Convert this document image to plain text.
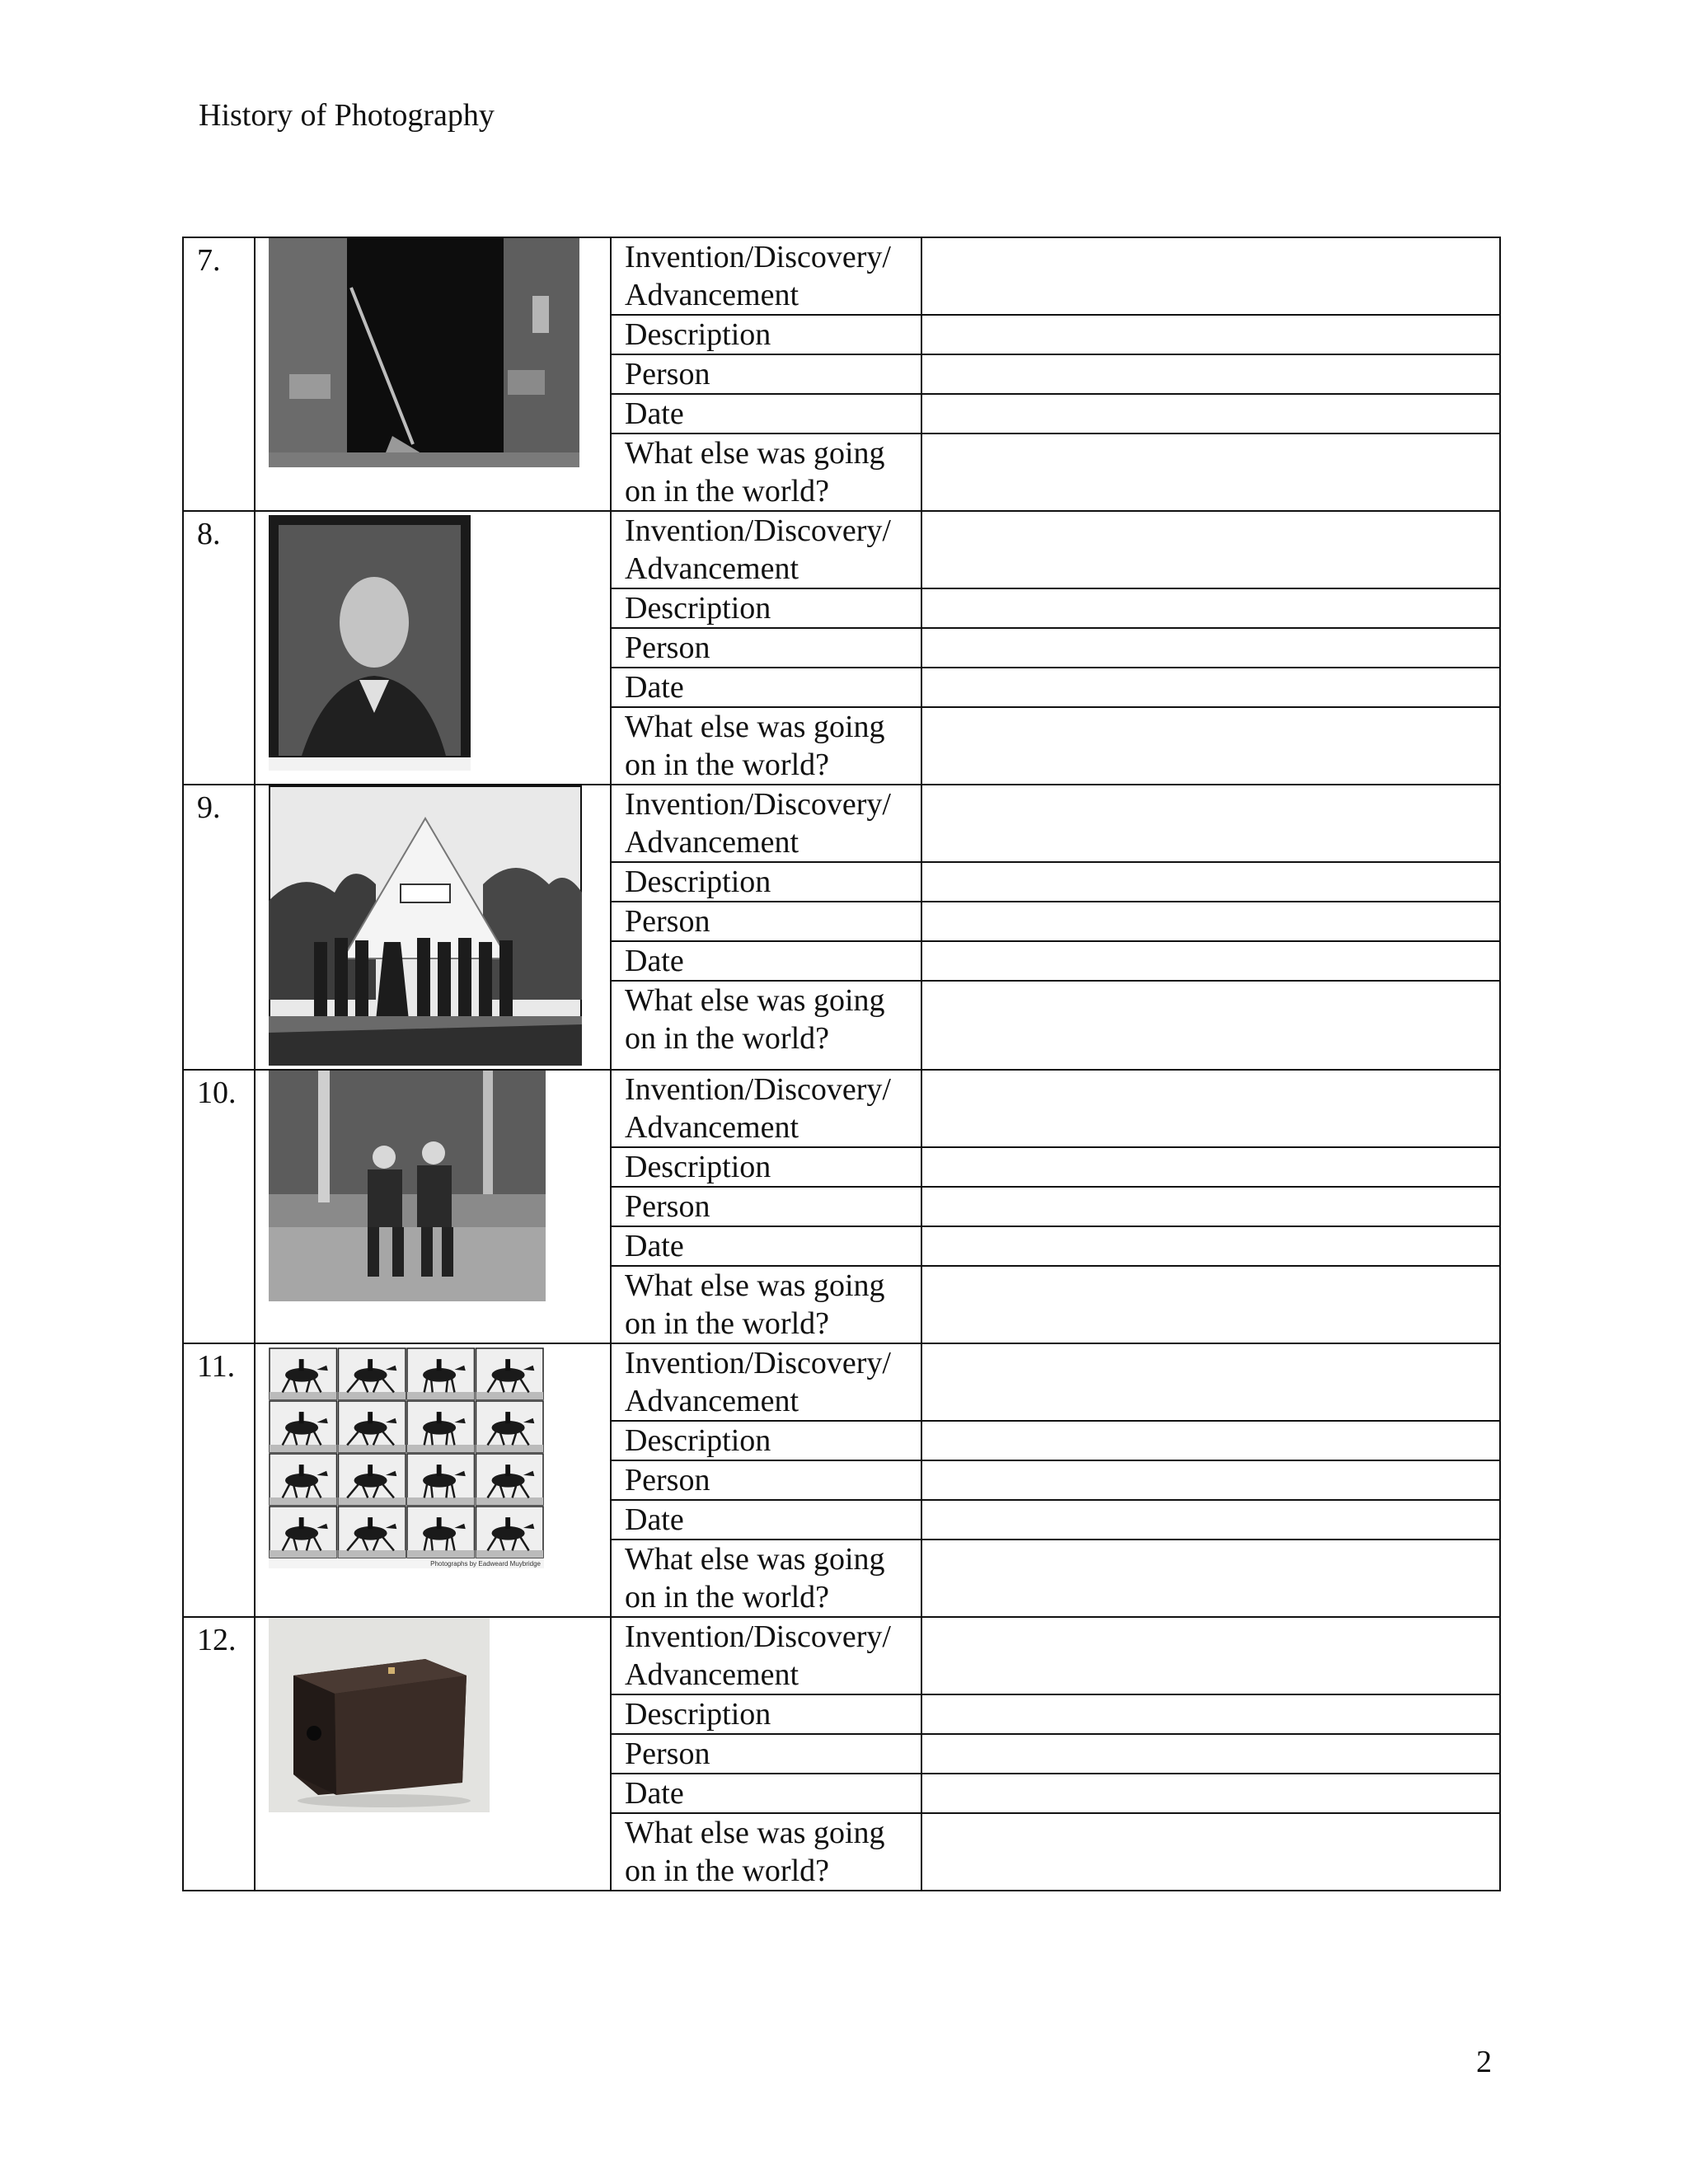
History of Photography
7.		Invention/Discovery/ Advancement	
		Description	
		Person	
		Date	
		What else was going on in the world?	
8.		Invention/Discovery/ Advancement	
		Description	
		Person	
		Date	
		What else was going on in the world?	
9.		Invention/Discovery/ Advancement	
		Description	
		Person	
		Date	
		What else was going on in the world?	
10.		Invention/Discovery/ Advancement	
		Description	
		Person	
		Date	
		What else was going on in the world?	
11.	Photographs by Eadweard Muybridge	Invention/Discovery/ Advancement	
		Description	
		Person	
		Date	
		What else was going on in the world?	
12.		Invention/Discovery/ Advancement	
		Description	
		Person	
		Date	
		What else was going on in the world?	
2
